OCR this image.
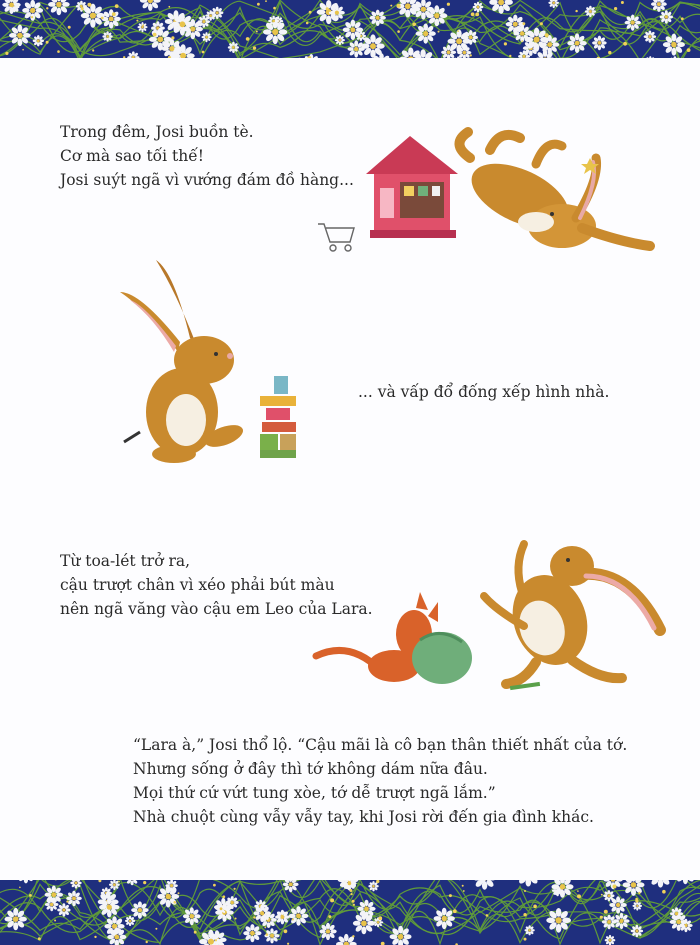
Trong đêm, Josi buồn tè.

Cơ mà sao tối thế!

Josi suýt ngã vì vướng đám đồ hàng...

... và vấp đổ đống xếp hình nhà.

Từ toa-lét trở ra,

cậu trượt chân vì xéo phải bút màu

nên ngã văng vào cậu em Leo của Lara.

“Lara à,” Josi thổ lộ. “Cậu mãi là cô bạn thân thiết nhất của tớ.

Nhưng sống ở đây thì tớ không dám nữa đâu.

Mọi thứ cứ vứt tung xòe, tớ dễ trượt ngã lắm.”

Nhà chuột cùng vẫy vẫy tay, khi Josi rời đến gia đình khác.
